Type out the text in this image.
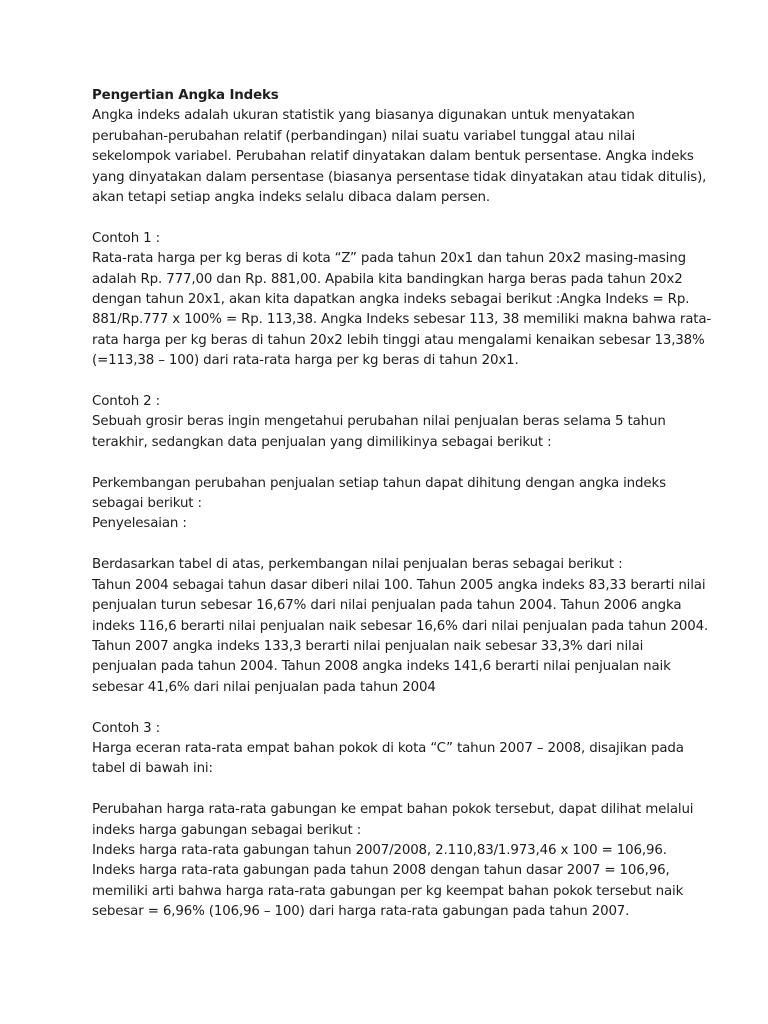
Pengertian Angka Indeks
Angka indeks adalah ukuran statistik yang biasanya digunakan untuk menyatakan
perubahan-perubahan relatif (perbandingan) nilai suatu variabel tunggal atau nilai
sekelompok variabel. Perubahan relatif dinyatakan dalam bentuk persentase. Angka indeks
yang dinyatakan dalam persentase (biasanya persentase tidak dinyatakan atau tidak ditulis),
akan tetapi setiap angka indeks selalu dibaca dalam persen.
Contoh 1 :
Rata-rata harga per kg beras di kota “Z” pada tahun 20x1 dan tahun 20x2 masing-masing
adalah Rp. 777,00 dan Rp. 881,00. Apabila kita bandingkan harga beras pada tahun 20x2
dengan tahun 20x1, akan kita dapatkan angka indeks sebagai berikut :Angka Indeks = Rp.
881/Rp.777 x 100% = Rp. 113,38. Angka Indeks sebesar 113, 38 memiliki makna bahwa rata-
rata harga per kg beras di tahun 20x2 lebih tinggi atau mengalami kenaikan sebesar 13,38%
(=113,38 – 100) dari rata-rata harga per kg beras di tahun 20x1.
Contoh 2 :
Sebuah grosir beras ingin mengetahui perubahan nilai penjualan beras selama 5 tahun
terakhir, sedangkan data penjualan yang dimilikinya sebagai berikut :
Perkembangan perubahan penjualan setiap tahun dapat dihitung dengan angka indeks
sebagai berikut :
Penyelesaian :
Berdasarkan tabel di atas, perkembangan nilai penjualan beras sebagai berikut :
Tahun 2004 sebagai tahun dasar diberi nilai 100. Tahun 2005 angka indeks 83,33 berarti nilai
penjualan turun sebesar 16,67% dari nilai penjualan pada tahun 2004. Tahun 2006 angka
indeks 116,6 berarti nilai penjualan naik sebesar 16,6% dari nilai penjualan pada tahun 2004.
Tahun 2007 angka indeks 133,3 berarti nilai penjualan naik sebesar 33,3% dari nilai
penjualan pada tahun 2004. Tahun 2008 angka indeks 141,6 berarti nilai penjualan naik
sebesar 41,6% dari nilai penjualan pada tahun 2004
Contoh 3 :
Harga eceran rata-rata empat bahan pokok di kota “C” tahun 2007 – 2008, disajikan pada
tabel di bawah ini:
Perubahan harga rata-rata gabungan ke empat bahan pokok tersebut, dapat dilihat melalui
indeks harga gabungan sebagai berikut :
Indeks harga rata-rata gabungan tahun 2007/2008, 2.110,83/1.973,46 x 100 = 106,96.
Indeks harga rata-rata gabungan pada tahun 2008 dengan tahun dasar 2007 = 106,96,
memiliki arti bahwa harga rata-rata gabungan per kg keempat bahan pokok tersebut naik
sebesar = 6,96% (106,96 – 100) dari harga rata-rata gabungan pada tahun 2007.
